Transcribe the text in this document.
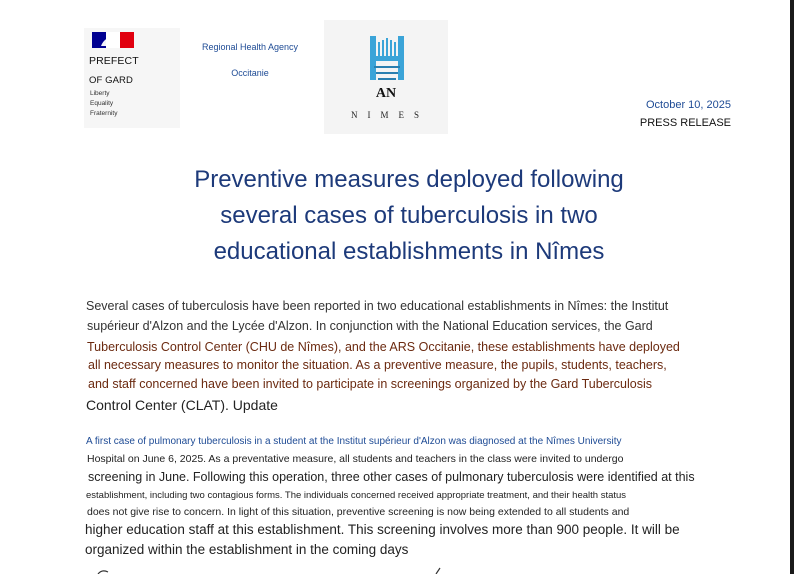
PREFECT
OF GARD
Liberty
Equality
Fraternity
Regional Health Agency
Occitanie
AN
NIMES
October 10, 2025
PRESS RELEASE
Preventive measures deployed following
several cases of tuberculosis in two
educational establishments in Nîmes
Several cases of tuberculosis have been reported in two educational establishments in Nîmes: the Institut
supérieur d'Alzon and the Lycée d'Alzon. In conjunction with the National Education services, the Gard
Tuberculosis Control Center (CHU de Nîmes), and the ARS Occitanie, these establishments have deployed
all necessary measures to monitor the situation. As a preventive measure, the pupils, students, teachers,
and staff concerned have been invited to participate in screenings organized by the Gard Tuberculosis
Control Center (CLAT). Update
A first case of pulmonary tuberculosis in a student at the Institut supérieur d'Alzon was diagnosed at the Nîmes University
Hospital on June 6, 2025. As a preventative measure, all students and teachers in the class were invited to undergo
screening in June. Following this operation, three other cases of pulmonary tuberculosis were identified at this
establishment, including two contagious forms. The individuals concerned received appropriate treatment, and their health status
does not give rise to concern. In light of this situation, preventive screening is now being extended to all students and
higher education staff at this establishment. This screening involves more than 900 people. It will be
organized within the establishment in the coming days
